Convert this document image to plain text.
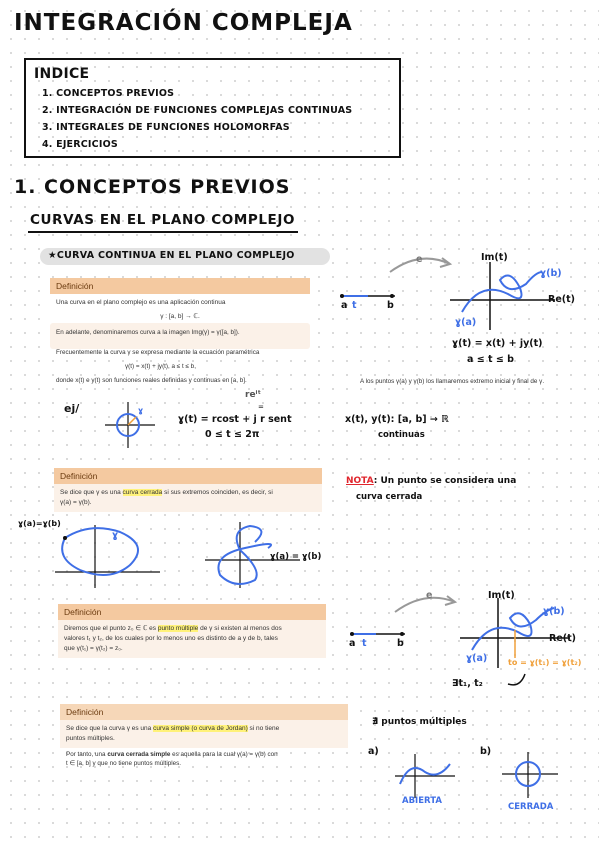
INTEGRACIÓN COMPLEJA
INDICE
1. CONCEPTOS PREVIOS
2. INTEGRACIÓN DE FUNCIONES COMPLEJAS CONTINUAS
3. INTEGRALES DE FUNCIONES HOLOMORFAS
4. EJERCICIOS
1. CONCEPTOS PREVIOS
CURVAS EN EL PLANO COMPLEJO
★CURVA CONTINUA EN EL PLANO COMPLEJO
Definición
Una curva en el plano complejo es una aplicación continua
γ : [a, b] → ℂ.
En adelante, denominaremos curva a la imagen Img(γ) = γ([a, b]).
Frecuentemente la curva γ se expresa mediante la ecuación paramétrica
γ(t) = x(t) + jy(t), a ≤ t ≤ b,
donde x(t) e y(t) son funciones reales definidas y continuas en [a, b].
a t	b
e	Im(t)
Re(t)
ɣ(b)
ɣ(a)
ɣ(t) = x(t) + jy(t)
a ≤ t ≤ b
A los puntos γ(a) y γ(b) los llamaremos extremo inicial y final de γ.
ej/	ɣ
reⁱᵗ
=
ɣ(t) = rcost + j r sent
0 ≤ t ≤ 2π
x(t), y(t): [a, b] → ℝ
continuas
Definición
Se dice que γ es una curva cerrada si sus extremos coinciden, es decir, si
γ(a) = γ(b).
NOTA: Un punto se considera una
curva cerrada
ɣ(a)=ɣ(b)
ɣ
ɣ(a) = ɣ(b)
Definición
Diremos que el punto z₀ ∈ ℂ es punto múltiple de γ si existen al menos dos
valores t₁ y t₂, de los cuales por lo menos uno es distinto de a y de b, tales
que γ(t₁) = γ(t₂) = z₀.	a t	b
e	Im(t)
Re(t)
ɣ(b)
ɣ(a)	to = ɣ(t₁) = ɣ(t₂)
∃t₁, t₂
Definición
Se dice que la curva γ es una curva simple (o curva de Jordan) si no tiene
puntos múltiples.
Por tanto, una curva cerrada simple es aquella para la cual γ(a) = γ(b) con
t ∈ [a, b] y que no tiene puntos múltiples.
∄ puntos múltiples
a)	b)
ABIERTA
CERRADA
